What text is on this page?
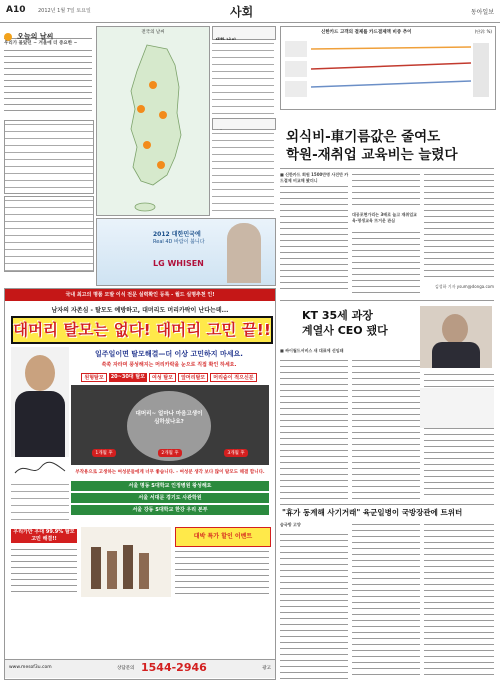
A10	2012년 1월 7일 토요일	사회	동아일보
오늘의 날씨
우리가 몰랐던 ~ 겨울에 더 중요한 ~
전국의 날씨
2012 대한민국에
Real 4D 바람이 붑니다
LG WHISEN
신한카드 고객의 결제를 카드결제액 비중 추이	(단위: %)
외식비-車기름값은 줄여도
학원-재취업 교육비는 늘렸다
■ 신한카드 회원 1500만명 사진만 카드결제 비교해 봤더니
대공포현가리는 3배로 늘고 재취업교육·평생교육 뜨거운 관심
김성하 기자 ysum@donga.com
KT 35세 과장
계열사 CEO 됐다
■ 싸이월드서비스 새 대표에 선임돼
국내 최고의 명품 모발 이식 전문 실력확인 등록 - 월드 실명추천 인!
남자의 자존심 - 탈모도 예방하고, 대머리도 머리카락이 난다는데...
대머리 탈모는 없다! 대머리 고민 끝!!
일주일이면 탈모해결—더 이상 고민하지 마세요.
쑥쑥 자라며 풍성해지는 머리카락을 눈으로 직접 확인 하세요.
원형탈모	20~30대 탈모	여성 탈모	앞머리탈모	머리숱이 적으신분
대머리~ 얼마나 마음고생이 심하셨나요?
1개월 후	2개월 후	3개월 후
부작용으로 고생하는 여성분들에게 너무 좋습니다. - 여성분 생각 보다 많이 탈모도 해결 합니다.
서울 명동 S대학교 인정병원 왕성해요
서울 서대문 경기도 사관학원
서울 강동 S대학교 한강 우리 본부
우리가만 우대 99.9% 탈모고민 해결!!	대박 특가 할인 이벤트
www.mesof3u.com	상담문의 1544-2946	광고
"휴가 동계해 사기거래" 육군일병이 국방장관에 트위터
숨국방 고양
